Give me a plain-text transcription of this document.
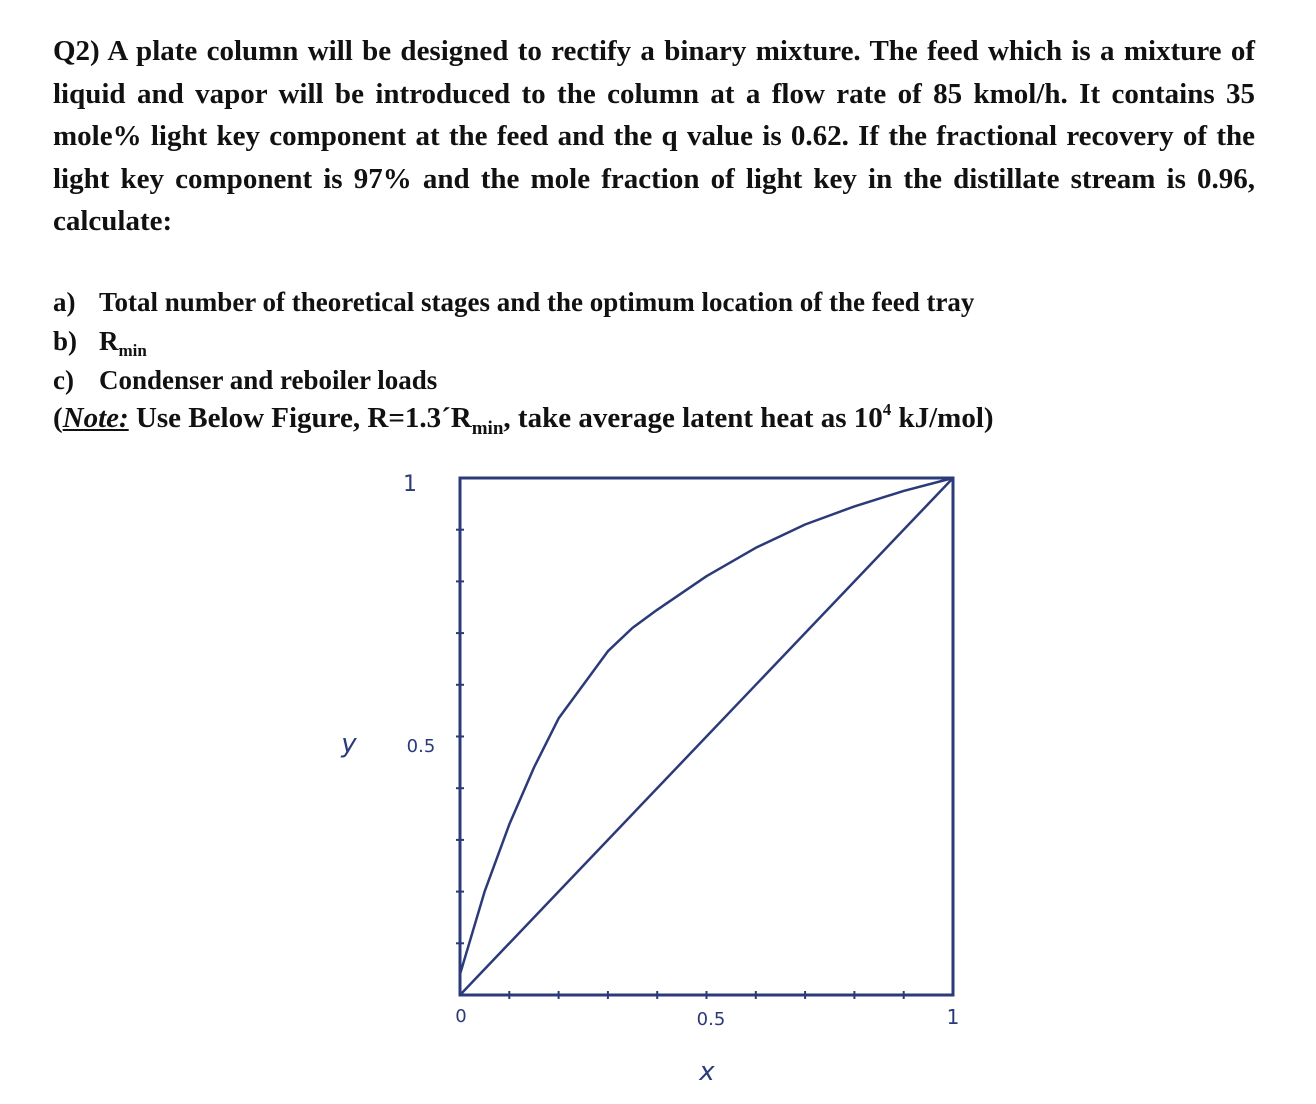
Q2) A plate column will be designed to rectify a binary mixture. The feed which is a mixture of liquid and vapor will be introduced to the column at a flow rate of 85 kmol/h. It contains 35 mole% light key component at the feed and the q value is 0.62. If the fractional recovery of the light key component is 97% and the mole fraction of light key in the distillate stream is 0.96, calculate:
a) Total number of theoretical stages and the optimum location of the feed tray
b) $R_{min}$
c) Condenser and reboiler loads
(Note: Use Below Figure, $R=1.3´R_{min}$, take average latent heat as $10^4$ kJ/mol)
1
0.5
y
0	0.5	1
x
